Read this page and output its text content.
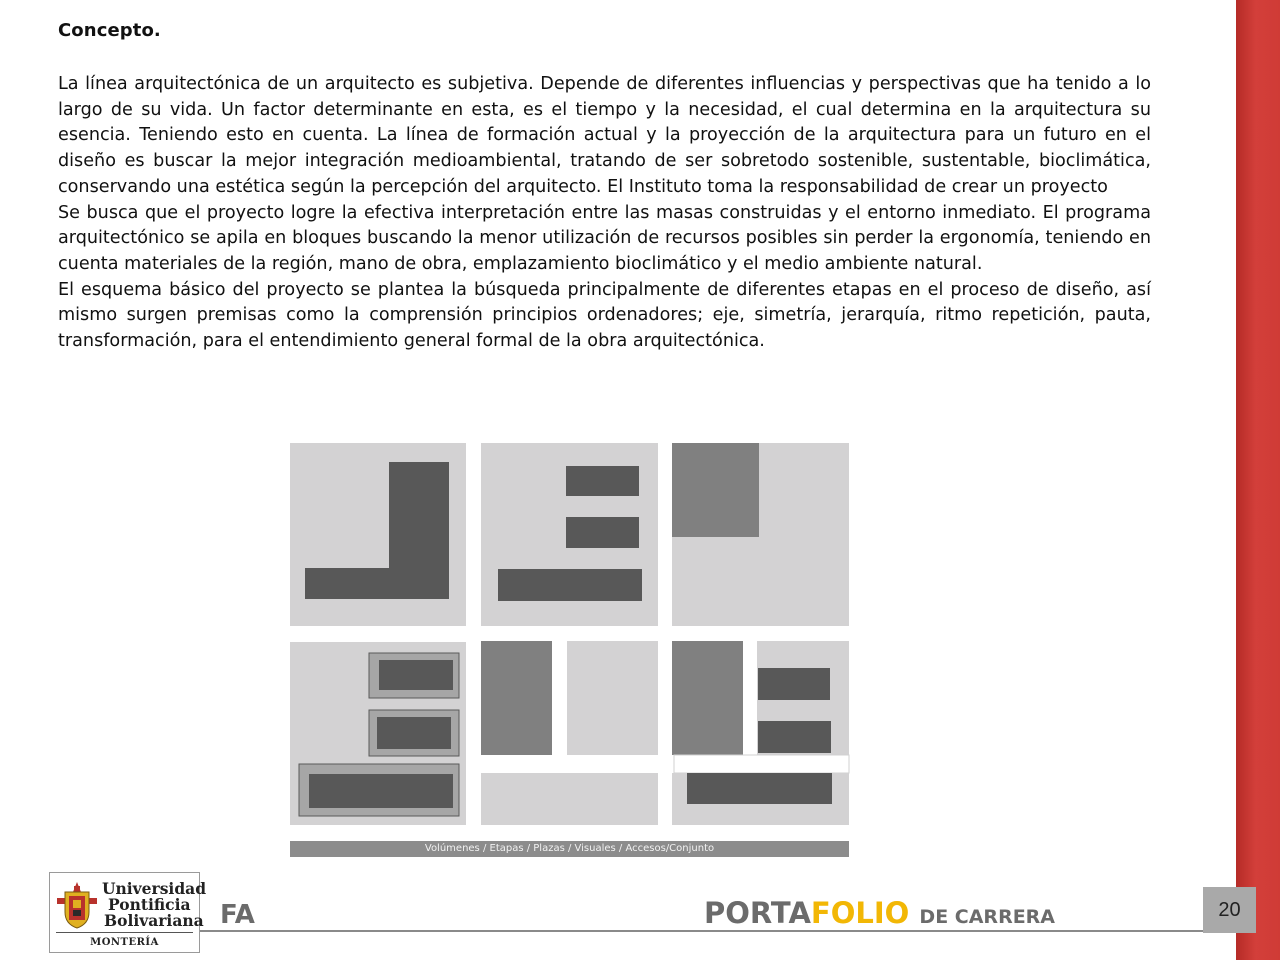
Concepto.

La línea arquitectónica de un arquitecto es subjetiva. Depende de diferentes influencias y perspectivas que ha tenido a lo largo de su vida. Un factor determinante en esta, es el tiempo y la necesidad, el cual determina en la arquitectura su esencia. Teniendo esto en cuenta. La línea de formación actual y la proyección de la arquitectura para un futuro en el diseño es buscar la mejor integración medioambiental, tratando de ser sobretodo sostenible, sustentable, bioclimática, conservando una estética según la percepción del arquitecto. El Instituto toma la responsabilidad de crear un proyecto

Se busca que el proyecto logre la efectiva interpretación entre las masas construidas y el entorno inmediato. El programa arquitectónico se apila en bloques buscando la menor utilización de recursos posibles sin perder la ergonomía, teniendo en cuenta materiales de la región, mano de obra, emplazamiento bioclimático y el medio ambiente natural.

El esquema básico del proyecto se plantea la búsqueda principalmente de diferentes etapas en el proceso de diseño, así mismo surgen premisas como la comprensión principios ordenadores; eje, simetría, jerarquía, ritmo repetición, pauta, transformación, para el entendimiento general formal de la obra arquitectónica.

Volúmenes / Etapas / Plazas / Visuales / Accesos/Conjunto
Universidad
Pontificia
Bolivariana
MONTERÍA
FA	PORTAFOLIO DE CARRERA	20
